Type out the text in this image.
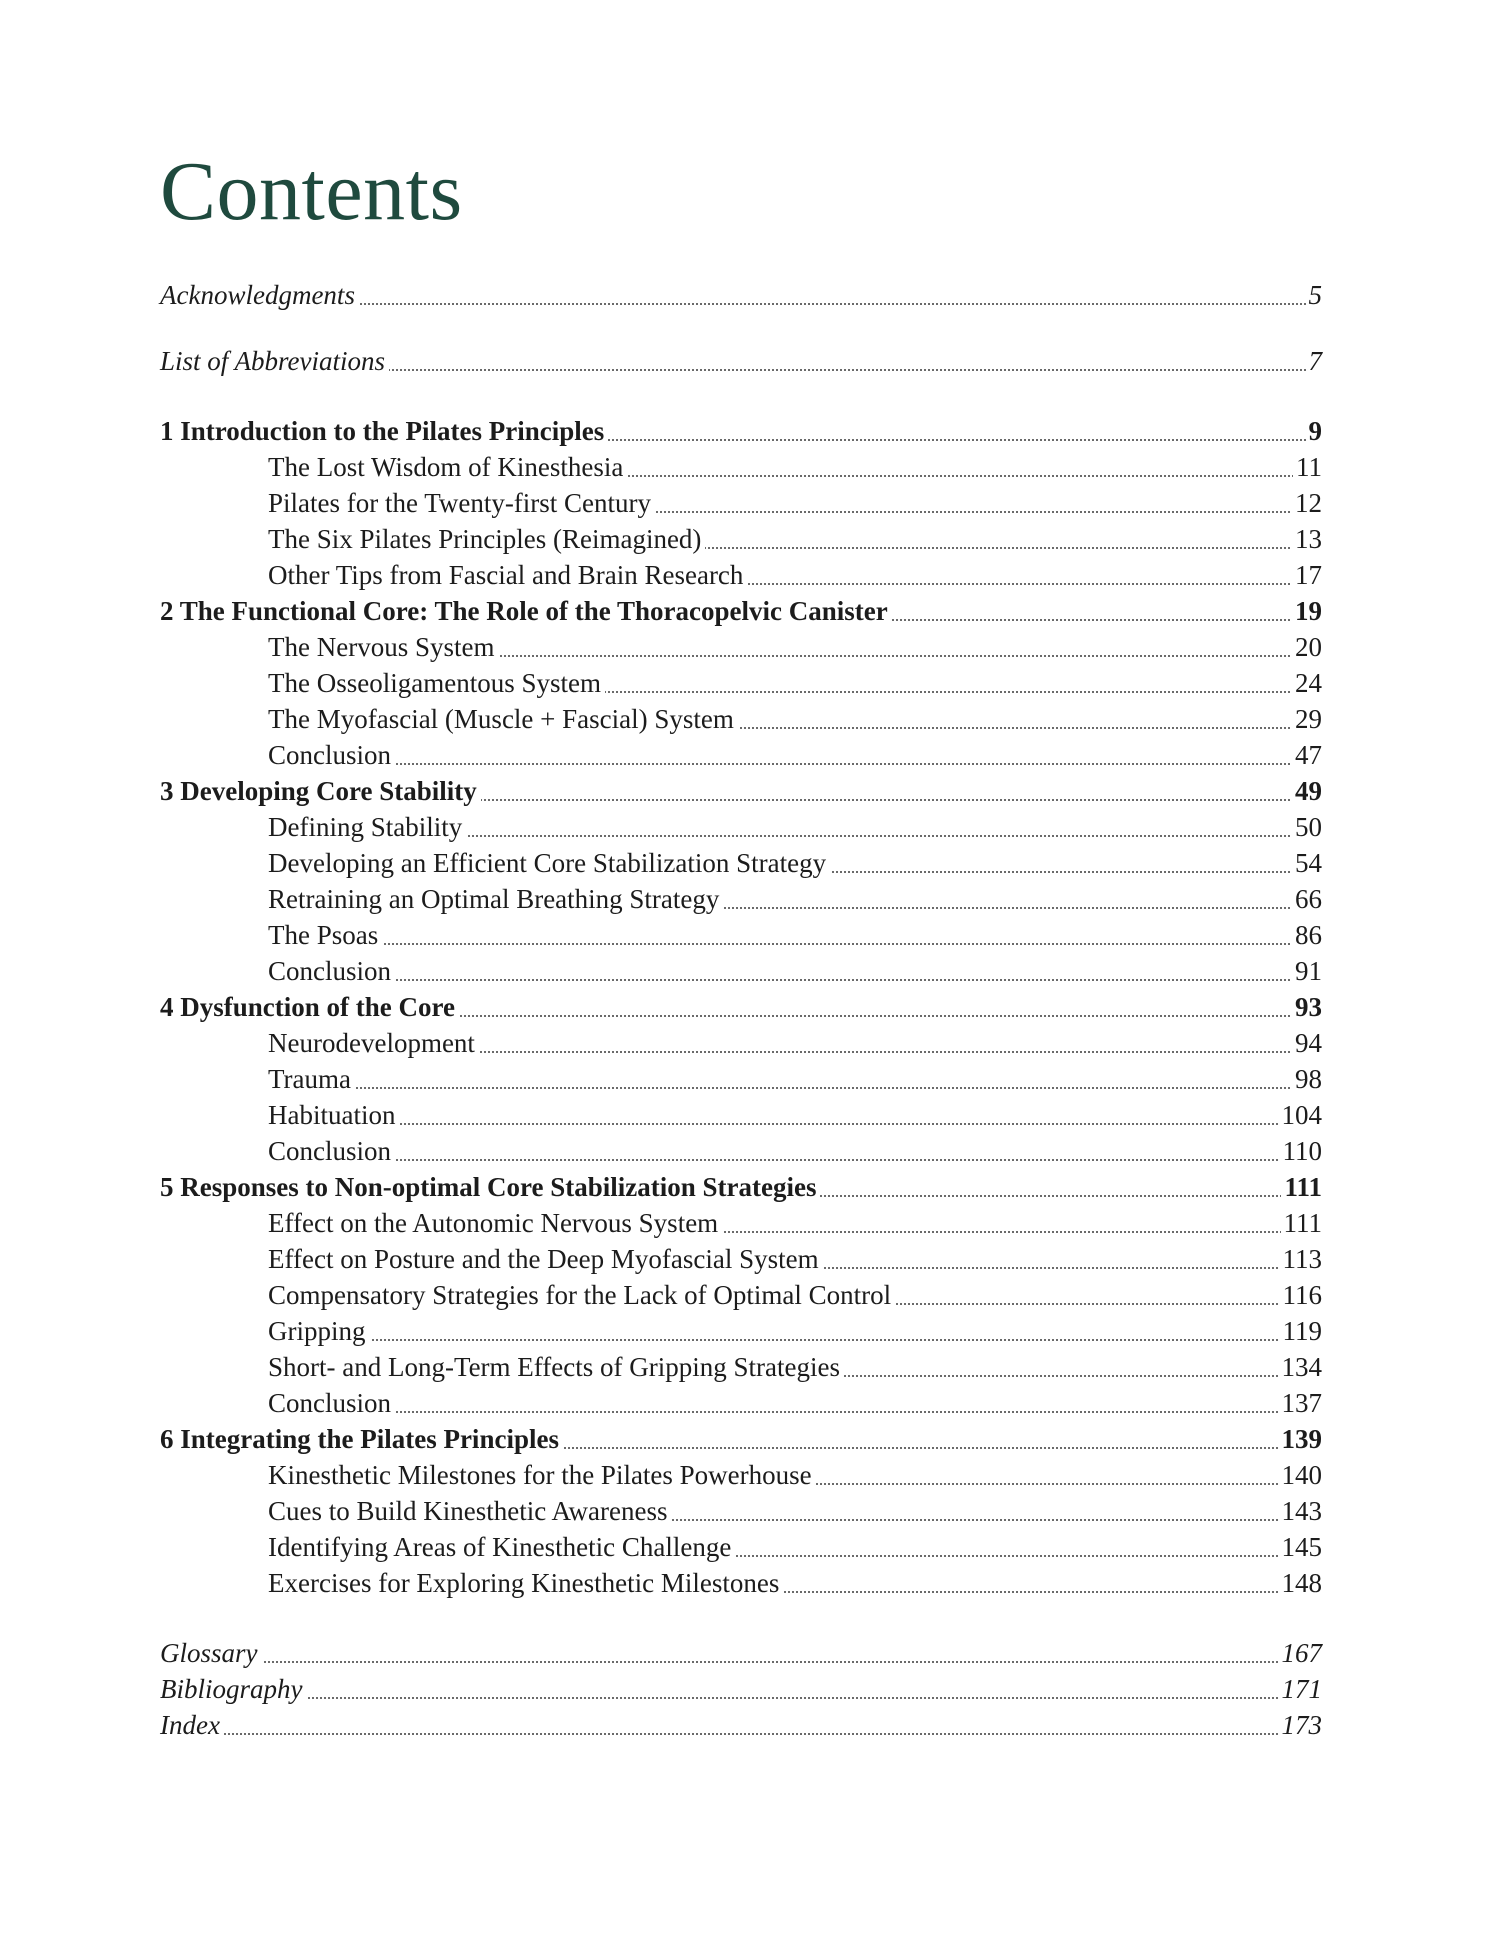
Contents
Acknowledgments	5
List of Abbreviations	7
1 Introduction to the Pilates Principles	9
The Lost Wisdom of Kinesthesia	11
Pilates for the Twenty-first Century	12
The Six Pilates Principles (Reimagined)	13
Other Tips from Fascial and Brain Research	17
2 The Functional Core: The Role of the Thoracopelvic Canister	19
The Nervous System	20
The Osseoligamentous System	24
The Myofascial (Muscle + Fascial) System	29
Conclusion	47
3 Developing Core Stability	49
Defining Stability	50
Developing an Efficient Core Stabilization Strategy	54
Retraining an Optimal Breathing Strategy	66
The Psoas	86
Conclusion	91
4 Dysfunction of the Core	93
Neurodevelopment	94
Trauma	98
Habituation	104
Conclusion	110
5 Responses to Non-optimal Core Stabilization Strategies	111
Effect on the Autonomic Nervous System	111
Effect on Posture and the Deep Myofascial System	113
Compensatory Strategies for the Lack of Optimal Control	116
Gripping	119
Short- and Long-Term Effects of Gripping Strategies	134
Conclusion	137
6 Integrating the Pilates Principles	139
Kinesthetic Milestones for the Pilates Powerhouse	140
Cues to Build Kinesthetic Awareness	143
Identifying Areas of Kinesthetic Challenge	145
Exercises for Exploring Kinesthetic Milestones	148
Glossary	167
Bibliography	171
Index	173
